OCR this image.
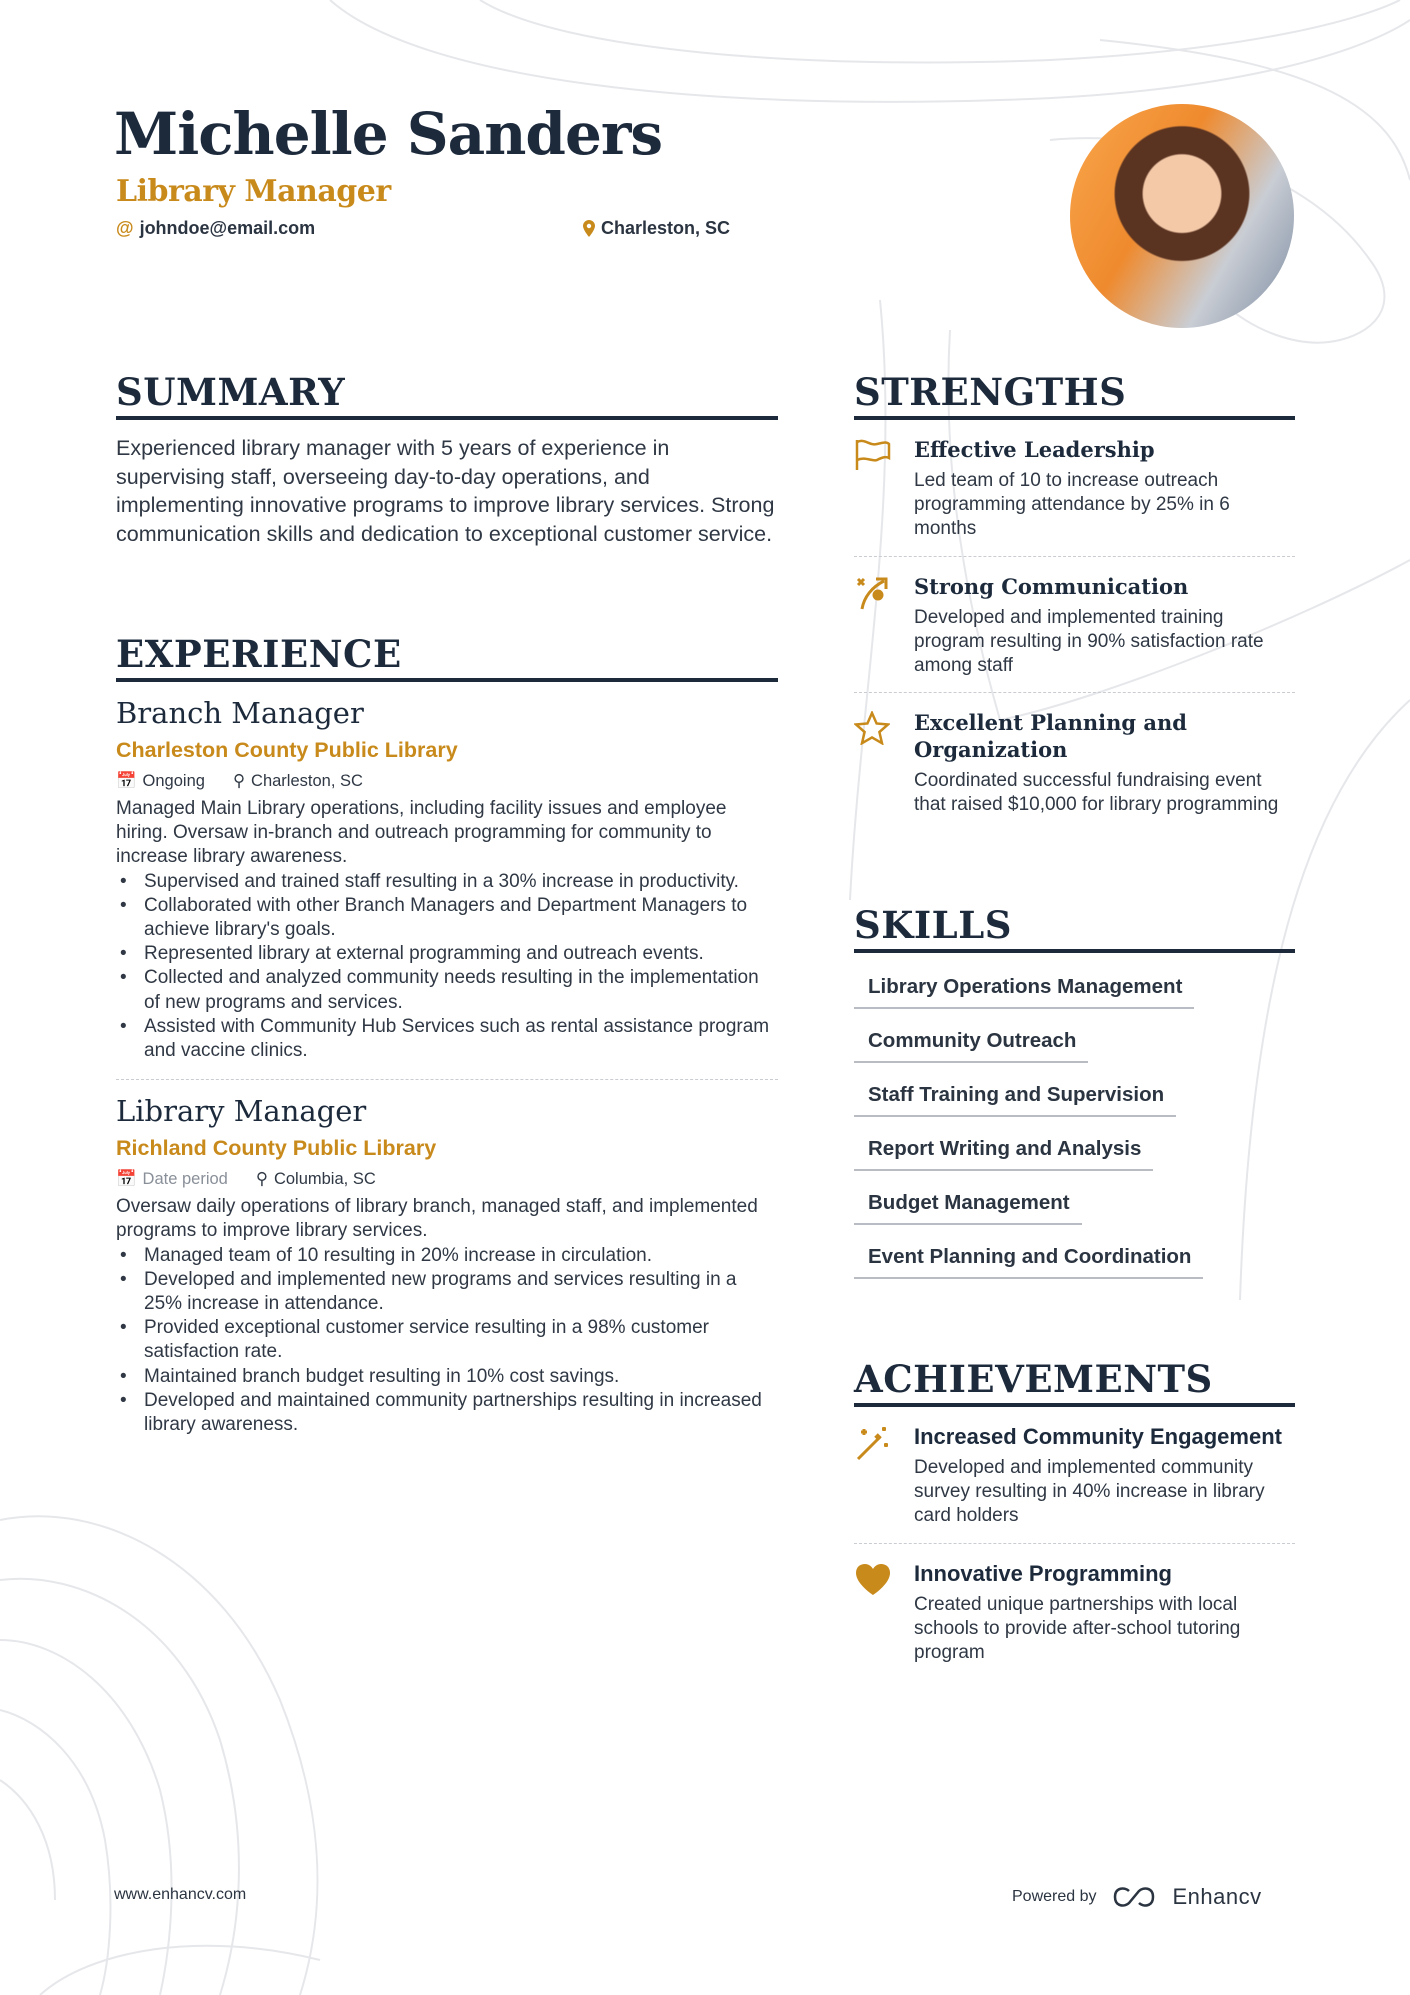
Michelle Sanders
Library Manager
@ johndoe@email.com	Charleston, SC
SUMMARY
Experienced library manager with 5 years of experience in supervising staff, overseeing day-to-day operations, and implementing innovative programs to improve library services. Strong communication skills and dedication to exceptional customer service.
EXPERIENCE
Branch Manager
Charleston County Public Library
📅 Ongoing ⚲ Charleston, SC
Managed Main Library operations, including facility issues and employee hiring. Oversaw in-branch and outreach programming for community to increase library awareness.
• Supervised and trained staff resulting in a 30% increase in productivity.
• Collaborated with other Branch Managers and Department Managers to achieve library's goals.
• Represented library at external programming and outreach events.
• Collected and analyzed community needs resulting in the implementation of new programs and services.
• Assisted with Community Hub Services such as rental assistance program and vaccine clinics.
Library Manager
Richland County Public Library
📅 Date period ⚲ Columbia, SC
Oversaw daily operations of library branch, managed staff, and implemented programs to improve library services.
• Managed team of 10 resulting in 20% increase in circulation.
• Developed and implemented new programs and services resulting in a 25% increase in attendance.
• Provided exceptional customer service resulting in a 98% customer satisfaction rate.
• Maintained branch budget resulting in 10% cost savings.
• Developed and maintained community partnerships resulting in increased library awareness.
STRENGTHS
Effective Leadership
Led team of 10 to increase outreach programming attendance by 25% in 6 months
Strong Communication
Developed and implemented training program resulting in 90% satisfaction rate among staff
Excellent Planning and Organization
Coordinated successful fundraising event that raised $10,000 for library programming
SKILLS
Library Operations Management
Community Outreach
Staff Training and Supervision
Report Writing and Analysis
Budget Management
Event Planning and Coordination
ACHIEVEMENTS
Increased Community Engagement
Developed and implemented community survey resulting in 40% increase in library card holders
Innovative Programming
Created unique partnerships with local schools to provide after-school tutoring program
www.enhancv.com	Powered by	Enhancv
